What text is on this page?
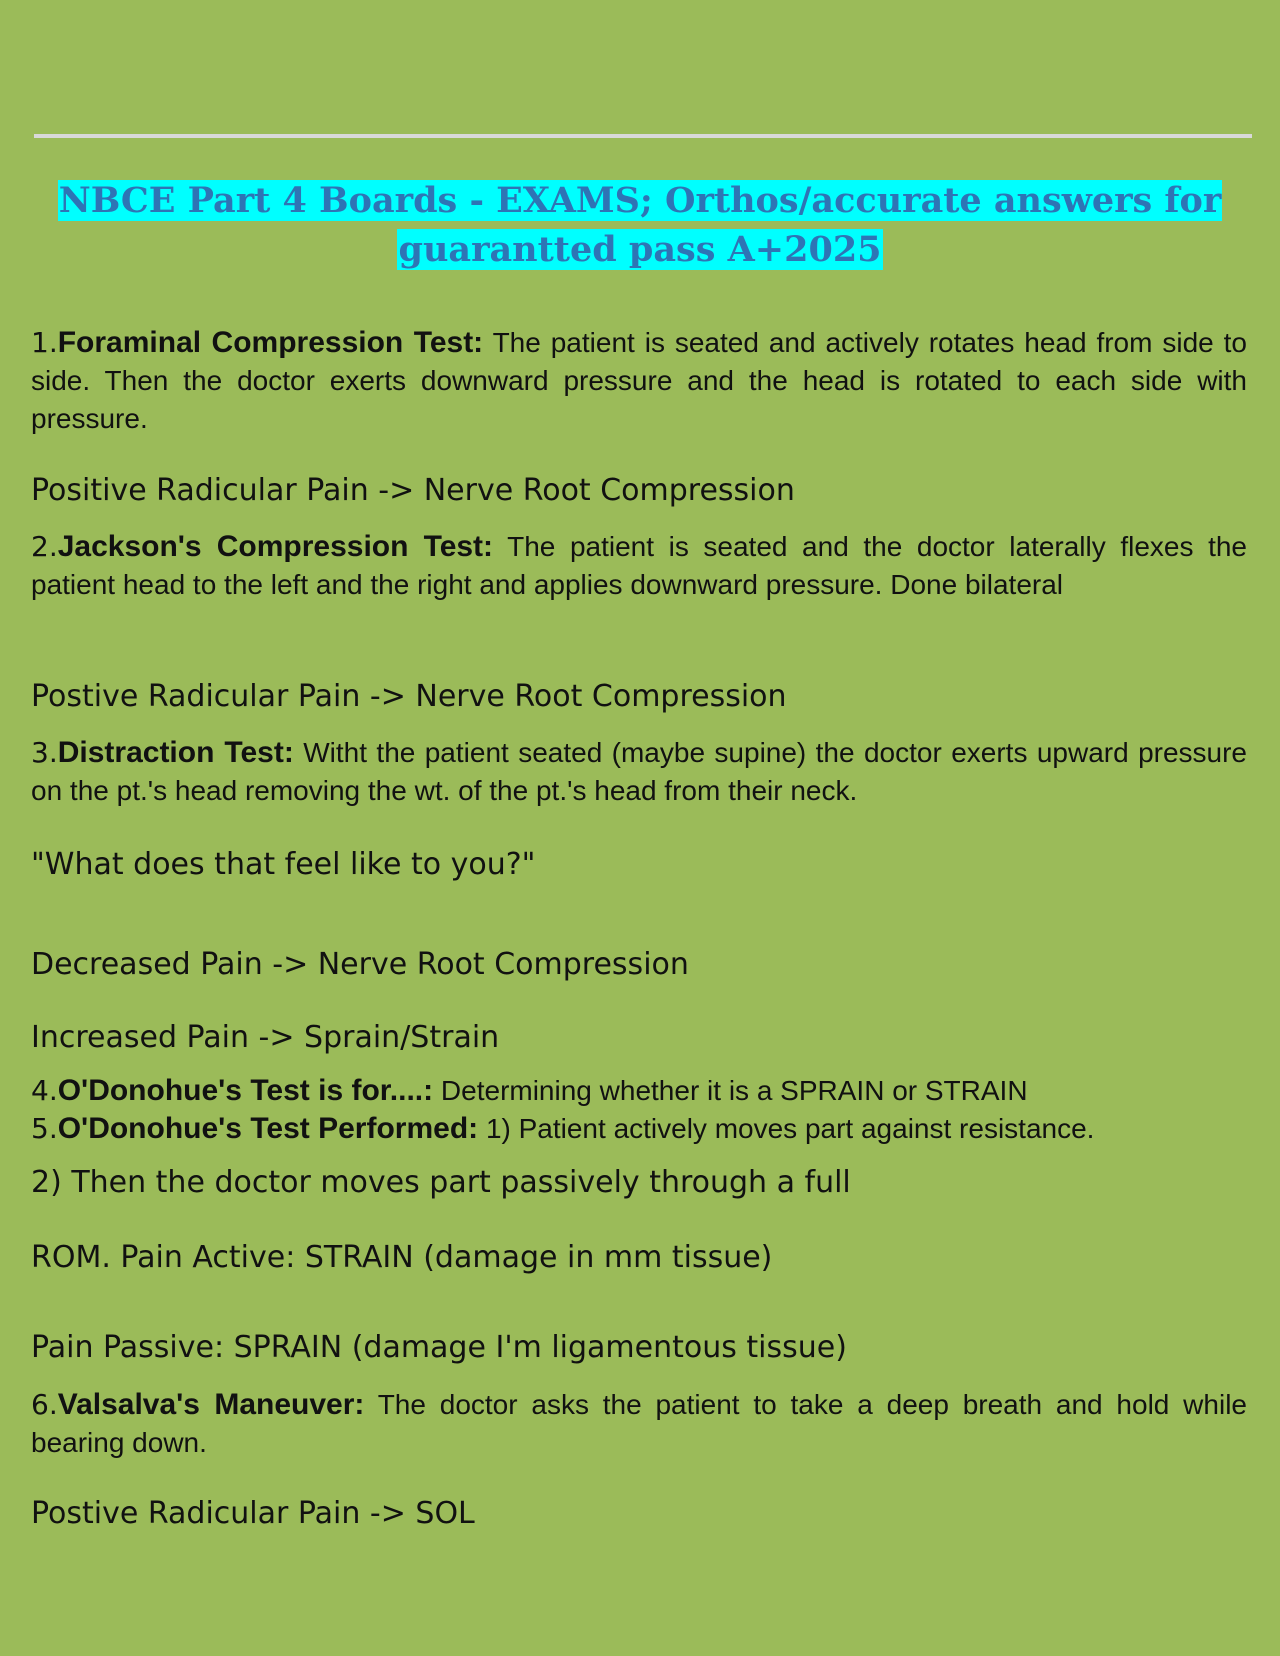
NBCE Part 4 Boards - EXAMS; Orthos/accurate answers for
guarantted pass A+2025
1.Foraminal Compression Test: The patient is seated and actively rotates head from side to side. Then the doctor exerts downward pressure and the head is rotated to each side with pressure.
Positive Radicular Pain -> Nerve Root Compression
2.Jackson's Compression Test: The patient is seated and the doctor laterally flexes the patient head to the left and the right and applies downward pressure. Done bilateral
Postive Radicular Pain -> Nerve Root Compression
3.Distraction Test: Witht the patient seated (maybe supine) the doctor exerts upward pressure on the pt.'s head removing the wt. of the pt.'s head from their neck.
"What does that feel like to you?"
Decreased Pain -> Nerve Root Compression
Increased Pain -> Sprain/Strain
4.O'Donohue's Test is for....: Determining whether it is a SPRAIN or STRAIN
5.O'Donohue's Test Performed: 1) Patient actively moves part against resistance.
2) Then the doctor moves part passively through a full
ROM. Pain Active: STRAIN (damage in mm tissue)
Pain Passive: SPRAIN (damage I'm ligamentous tissue)
6.Valsalva's Maneuver: The doctor asks the patient to take a deep breath and hold while bearing down.
Postive Radicular Pain -> SOL
